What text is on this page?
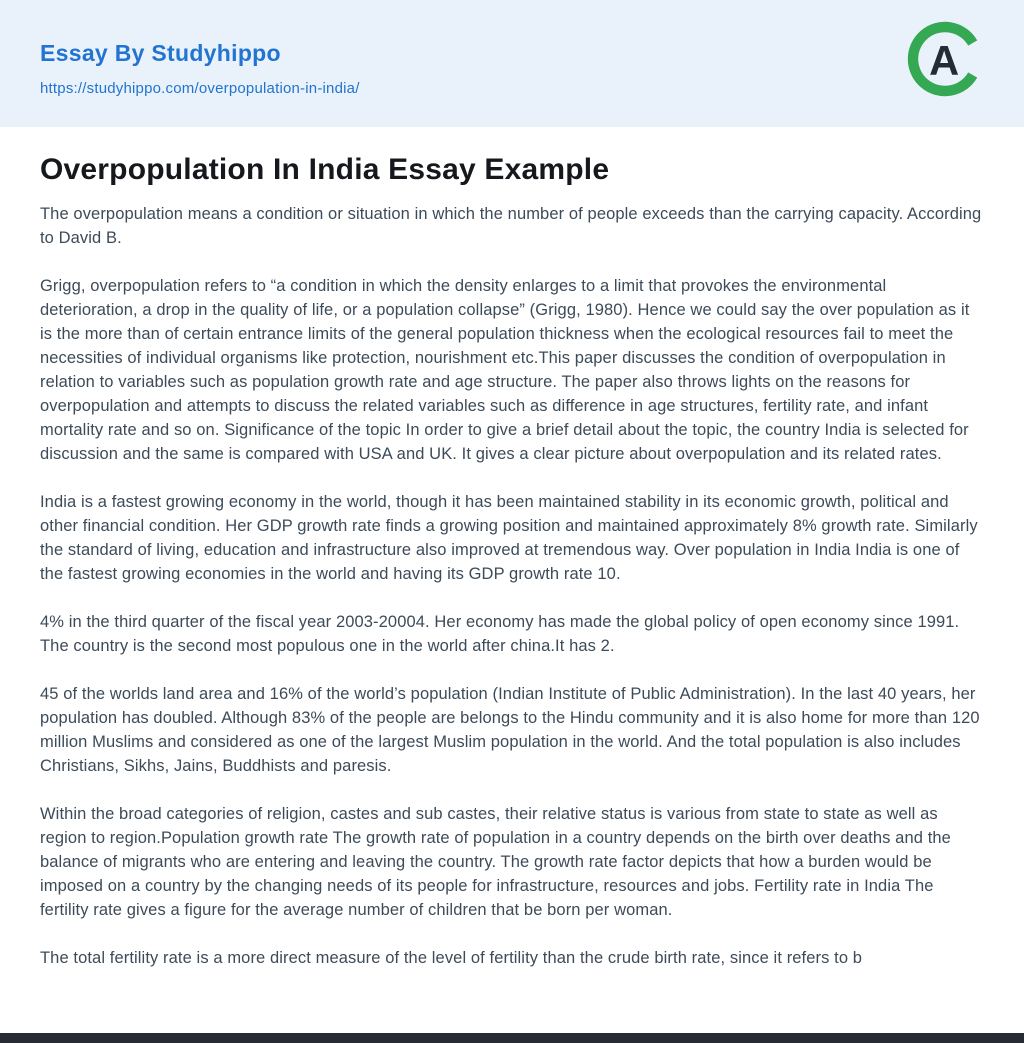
Essay By Studyhippo
https://studyhippo.com/overpopulation-in-india/
A
Overpopulation In India Essay Example

The overpopulation means a condition or situation in which the number of people exceeds than the carrying capacity. According to David B.

Grigg, overpopulation refers to “a condition in which the density enlarges to a limit that provokes the environmental deterioration, a drop in the quality of life, or a population collapse” (Grigg, 1980). Hence we could say the over population as it is the more than of certain entrance limits of the general population thickness when the ecological resources fail to meet the necessities of individual organisms like protection, nourishment etc.This paper discusses the condition of overpopulation in relation to variables such as population growth rate and age structure. The paper also throws lights on the reasons for overpopulation and attempts to discuss the related variables such as difference in age structures, fertility rate, and infant mortality rate and so on. Significance of the topic In order to give a brief detail about the topic, the country India is selected for discussion and the same is compared with USA and UK. It gives a clear picture about overpopulation and its related rates.

India is a fastest growing economy in the world, though it has been maintained stability in its economic growth, political and other financial condition. Her GDP growth rate finds a growing position and maintained approximately 8% growth rate. Similarly the standard of living, education and infrastructure also improved at tremendous way. Over population in India India is one of the fastest growing economies in the world and having its GDP growth rate 10.

4% in the third quarter of the fiscal year 2003-20004. Her economy has made the global policy of open economy since 1991. The country is the second most populous one in the world after china.It has 2.

45 of the worlds land area and 16% of the world’s population (Indian Institute of Public Administration). In the last 40 years, her population has doubled. Although 83% of the people are belongs to the Hindu community and it is also home for more than 120 million Muslims and considered as one of the largest Muslim population in the world. And the total population is also includes Christians, Sikhs, Jains, Buddhists and paresis.

Within the broad categories of religion, castes and sub castes, their relative status is various from state to state as well as region to region.Population growth rate The growth rate of population in a country depends on the birth over deaths and the balance of migrants who are entering and leaving the country. The growth rate factor depicts that how a burden would be imposed on a country by the changing needs of its people for infrastructure, resources and jobs. Fertility rate in India The fertility rate gives a figure for the average number of children that be born per woman.

The total fertility rate is a more direct measure of the level of fertility than the crude birth rate, since it refers to b
